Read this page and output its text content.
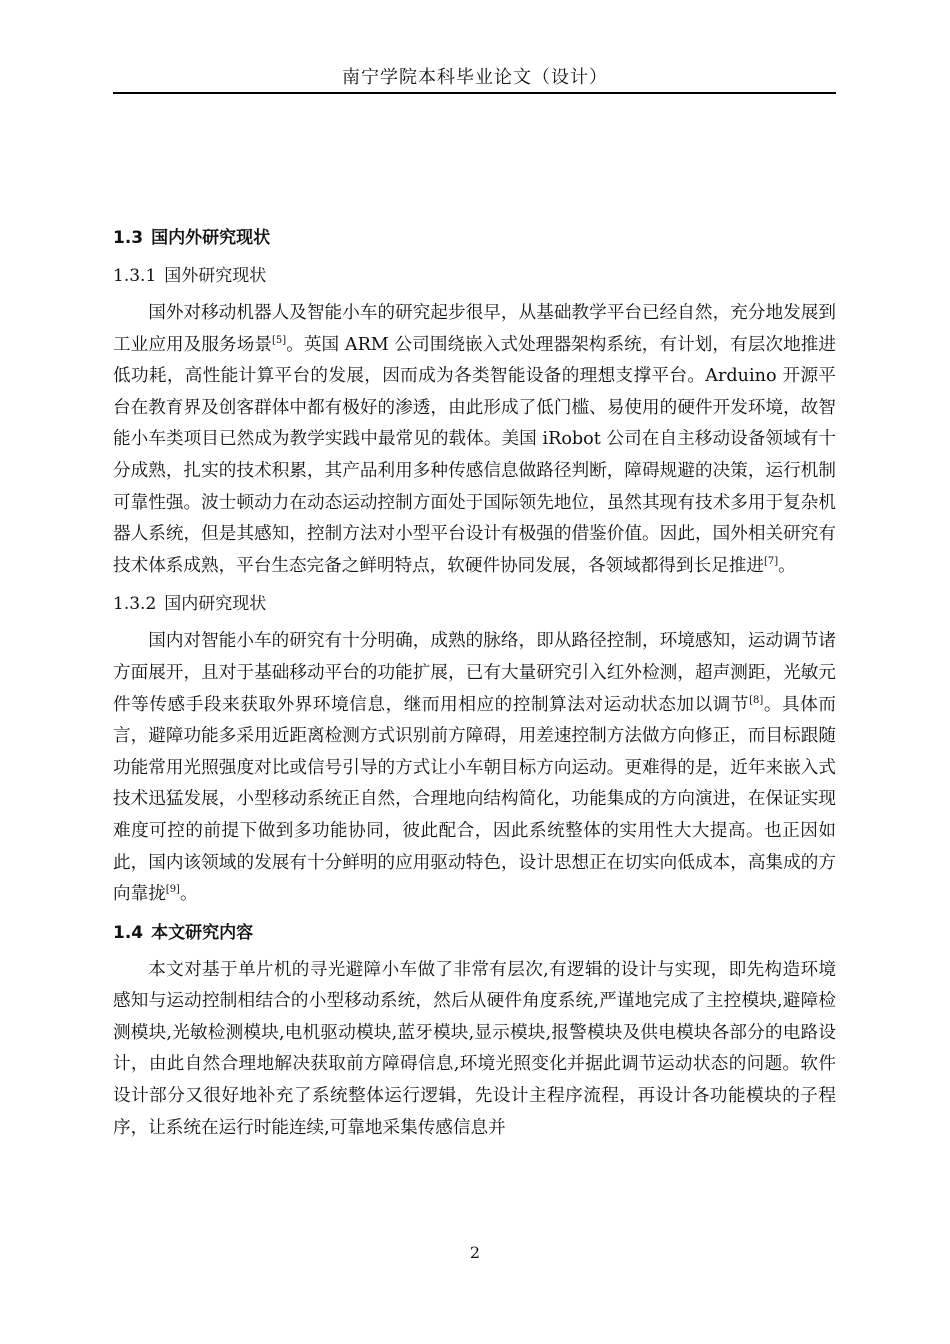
南宁学院本科毕业论文（设计）
1.3 国内外研究现状
1.3.1 国外研究现状

国外对移动机器人及智能小车的研究起步很早，从基础教学平台已经自然，充分地发展到工业应用及服务场景[5]。英国 ARM 公司围绕嵌入式处理器架构系统，有计划，有层次地推进低功耗，高性能计算平台的发展，因而成为各类智能设备的理想支撑平台。Arduino 开源平台在教育界及创客群体中都有极好的渗透，由此形成了低门槛、易使用的硬件开发环境，故智能小车类项目已然成为教学实践中最常见的载体。美国 iRobot 公司在自主移动设备领域有十分成熟，扎实的技术积累，其产品利用多种传感信息做路径判断，障碍规避的决策，运行机制可靠性强。波士顿动力在动态运动控制方面处于国际领先地位，虽然其现有技术多用于复杂机器人系统，但是其感知，控制方法对小型平台设计有极强的借鉴价值。因此，国外相关研究有技术体系成熟，平台生态完备之鲜明特点，软硬件协同发展，各领域都得到长足推进[7]。

1.3.2 国内研究现状

国内对智能小车的研究有十分明确，成熟的脉络，即从路径控制，环境感知，运动调节诸方面展开，且对于基础移动平台的功能扩展，已有大量研究引入红外检测，超声测距，光敏元件等传感手段来获取外界环境信息，继而用相应的控制算法对运动状态加以调节[8]。具体而言，避障功能多采用近距离检测方式识别前方障碍，用差速控制方法做方向修正，而目标跟随功能常用光照强度对比或信号引导的方式让小车朝目标方向运动。更难得的是，近年来嵌入式技术迅猛发展，小型移动系统正自然，合理地向结构简化，功能集成的方向演进，在保证实现难度可控的前提下做到多功能协同，彼此配合，因此系统整体的实用性大大提高。也正因如此，国内该领域的发展有十分鲜明的应用驱动特色，设计思想正在切实向低成本，高集成的方向靠拢[9]。

1.4 本文研究内容

本文对基于单片机的寻光避障小车做了非常有层次,有逻辑的设计与实现，即先构造环境感知与运动控制相结合的小型移动系统，然后从硬件角度系统,严谨地完成了主控模块,避障检测模块,光敏检测模块,电机驱动模块,蓝牙模块,显示模块,报警模块及供电模块各部分的电路设计，由此自然合理地解决获取前方障碍信息,环境光照变化并据此调节运动状态的问题。软件设计部分又很好地补充了系统整体运行逻辑，先设计主程序流程，再设计各功能模块的子程序，让系统在运行时能连续,可靠地采集传感信息并

2
